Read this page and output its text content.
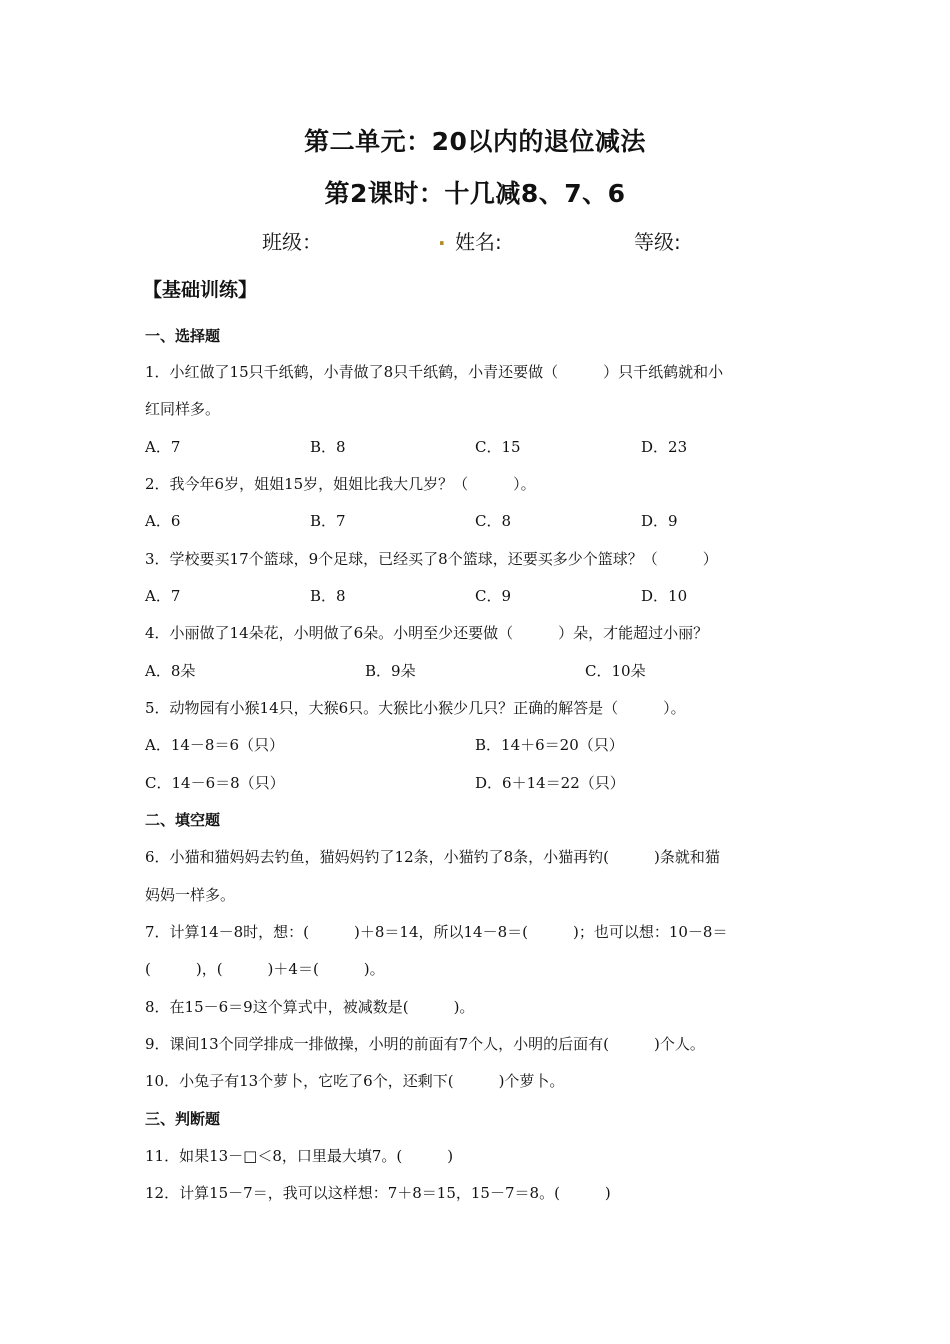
第二单元：20以内的退位减法
第2课时：十几减8、7、6
班级：	. 姓名:	等级:
【基础训练】
一、选择题
1．小红做了15只千纸鹤，小青做了8只千纸鹤，小青还要做（　　　）只千纸鹤就和小
红同样多。
A．7	B．8	C．15	D．23
2．我今年6岁，姐姐15岁，姐姐比我大几岁？（　　　）。
A．6	B．7	C．8	D．9
3．学校要买17个篮球，9个足球，已经买了8个篮球，还要买多少个篮球？（　　　）
A．7	B．8	C．9	D．10
4．小丽做了14朵花，小明做了6朵。小明至少还要做（　　　）朵，才能超过小丽？
A．8朵	B．9朵	C．10朵
5．动物园有小猴14只，大猴6只。大猴比小猴少几只？正确的解答是（　　　）。
A．14－8＝6（只）	B．14＋6＝20（只）
C．14－6＝8（只）	D．6＋14＝22（只）
二、填空题
6．小猫和猫妈妈去钓鱼，猫妈妈钓了12条，小猫钓了8条，小猫再钓(　　　)条就和猫
妈妈一样多。
7．计算14－8时，想：(　　　)＋8＝14，所以14－8＝(　　　)；也可以想：10－8＝
(　　　)，(　　　)＋4＝(　　　)。
8．在15－6＝9这个算式中，被减数是(　　　)。
9．课间13个同学排成一排做操，小明的前面有7个人，小明的后面有(　　　)个人。
10．小兔子有13个萝卜，它吃了6个，还剩下(　　　)个萝卜。
三、判断题
11．如果13－□＜8，口里最大填7。(　　　)
12．计算15－7＝，我可以这样想：7＋8＝15，15－7＝8。(　　　)
